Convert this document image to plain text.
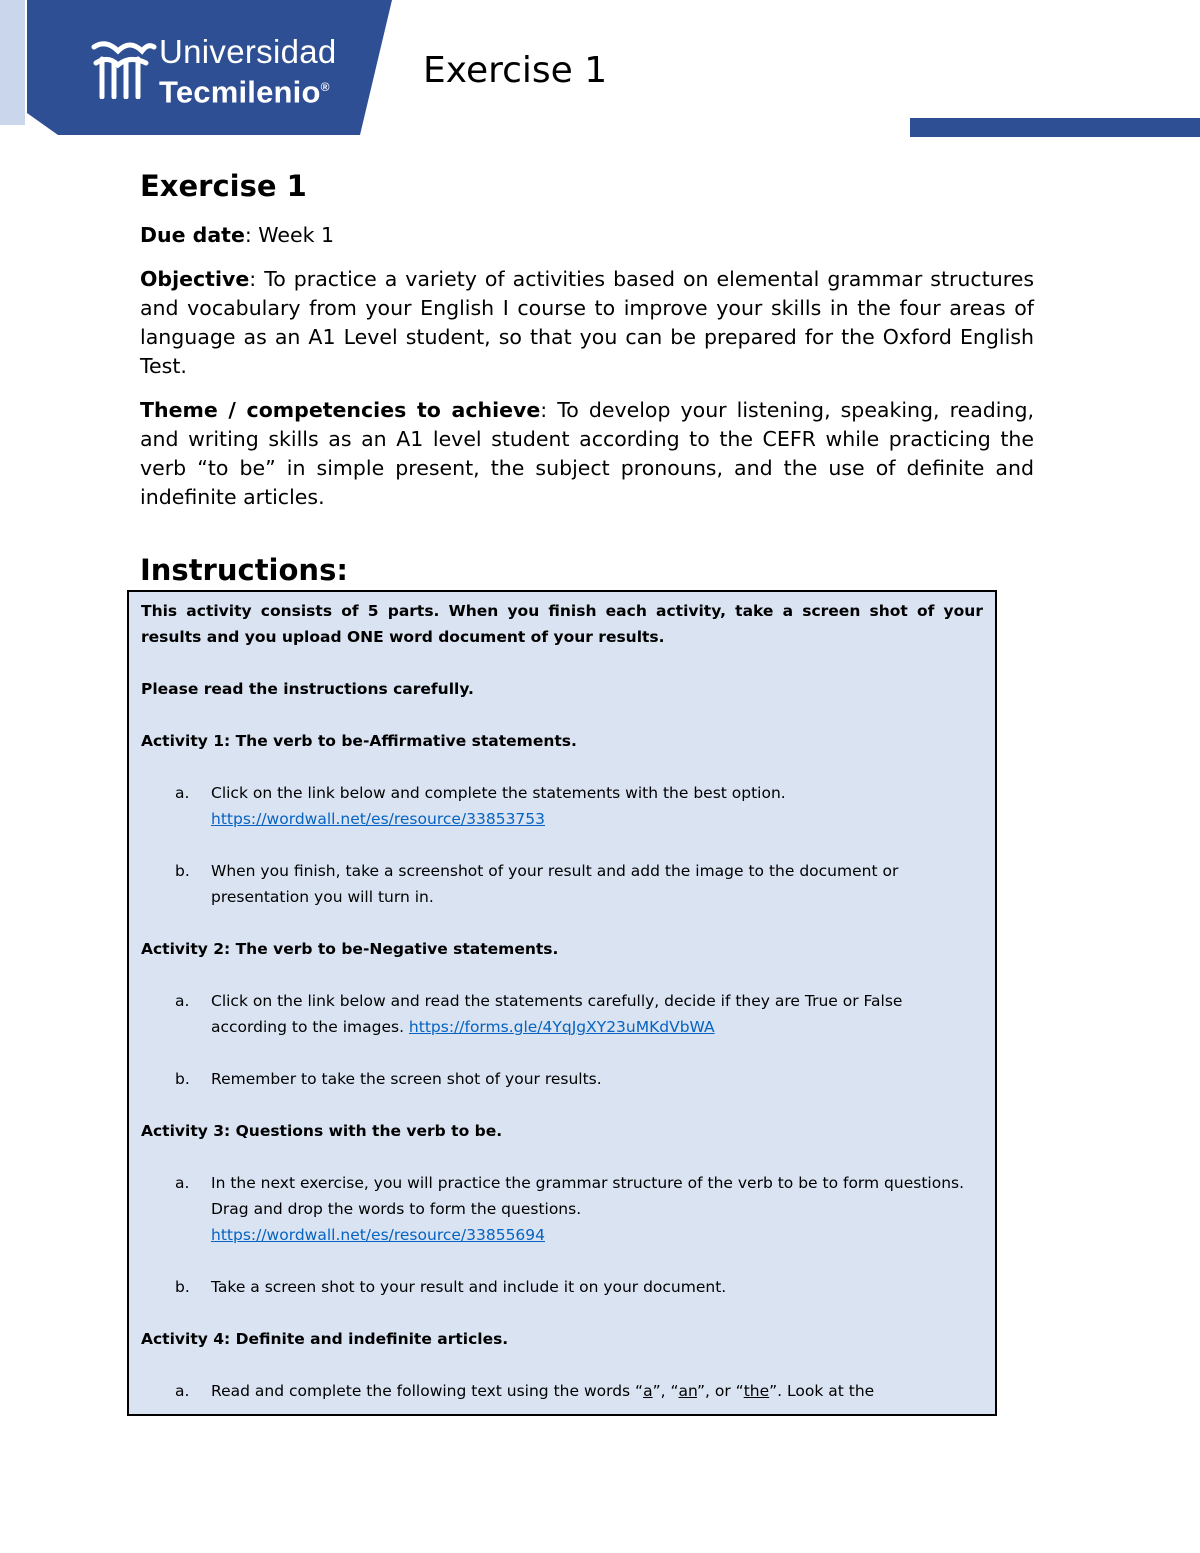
Universidad
Tecmilenio®	Exercise 1
Exercise 1

Due date: Week 1

Objective: To practice a variety of activities based on elemental grammar structures and vocabulary from your English I course to improve your skills in the four areas of language as an A1 Level student, so that you can be prepared for the Oxford English Test.

Theme / competencies to achieve: To develop your listening, speaking, reading, and writing skills as an A1 level student according to the CEFR while practicing the verb “to be” in simple present, the subject pronouns, and the use of definite and indefinite articles.

Instructions:

This activity consists of 5 parts. When you finish each activity, take a screen shot of your results and you upload ONE word document of your results.

Please read the instructions carefully.

Activity 1: The verb to be-Affirmative statements.

a.	Click on the link below and complete the statements with the best option.
https://wordwall.net/es/resource/33853753
b.	When you finish, take a screenshot of your result and add the image to the document or presentation you will turn in.

Activity 2: The verb to be-Negative statements.

a.	Click on the link below and read the statements carefully, decide if they are True or False according to the images. https://forms.gle/4YqJgXY23uMKdVbWA
b.	Remember to take the screen shot of your results.

Activity 3: Questions with the verb to be.

a.	In the next exercise, you will practice the grammar structure of the verb to be to form questions. Drag and drop the words to form the questions.
https://wordwall.net/es/resource/33855694
b.	Take a screen shot to your result and include it on your document.

Activity 4: Definite and indefinite articles.

a.	Read and complete the following text using the words “a”, “an”, or “the”. Look at the
